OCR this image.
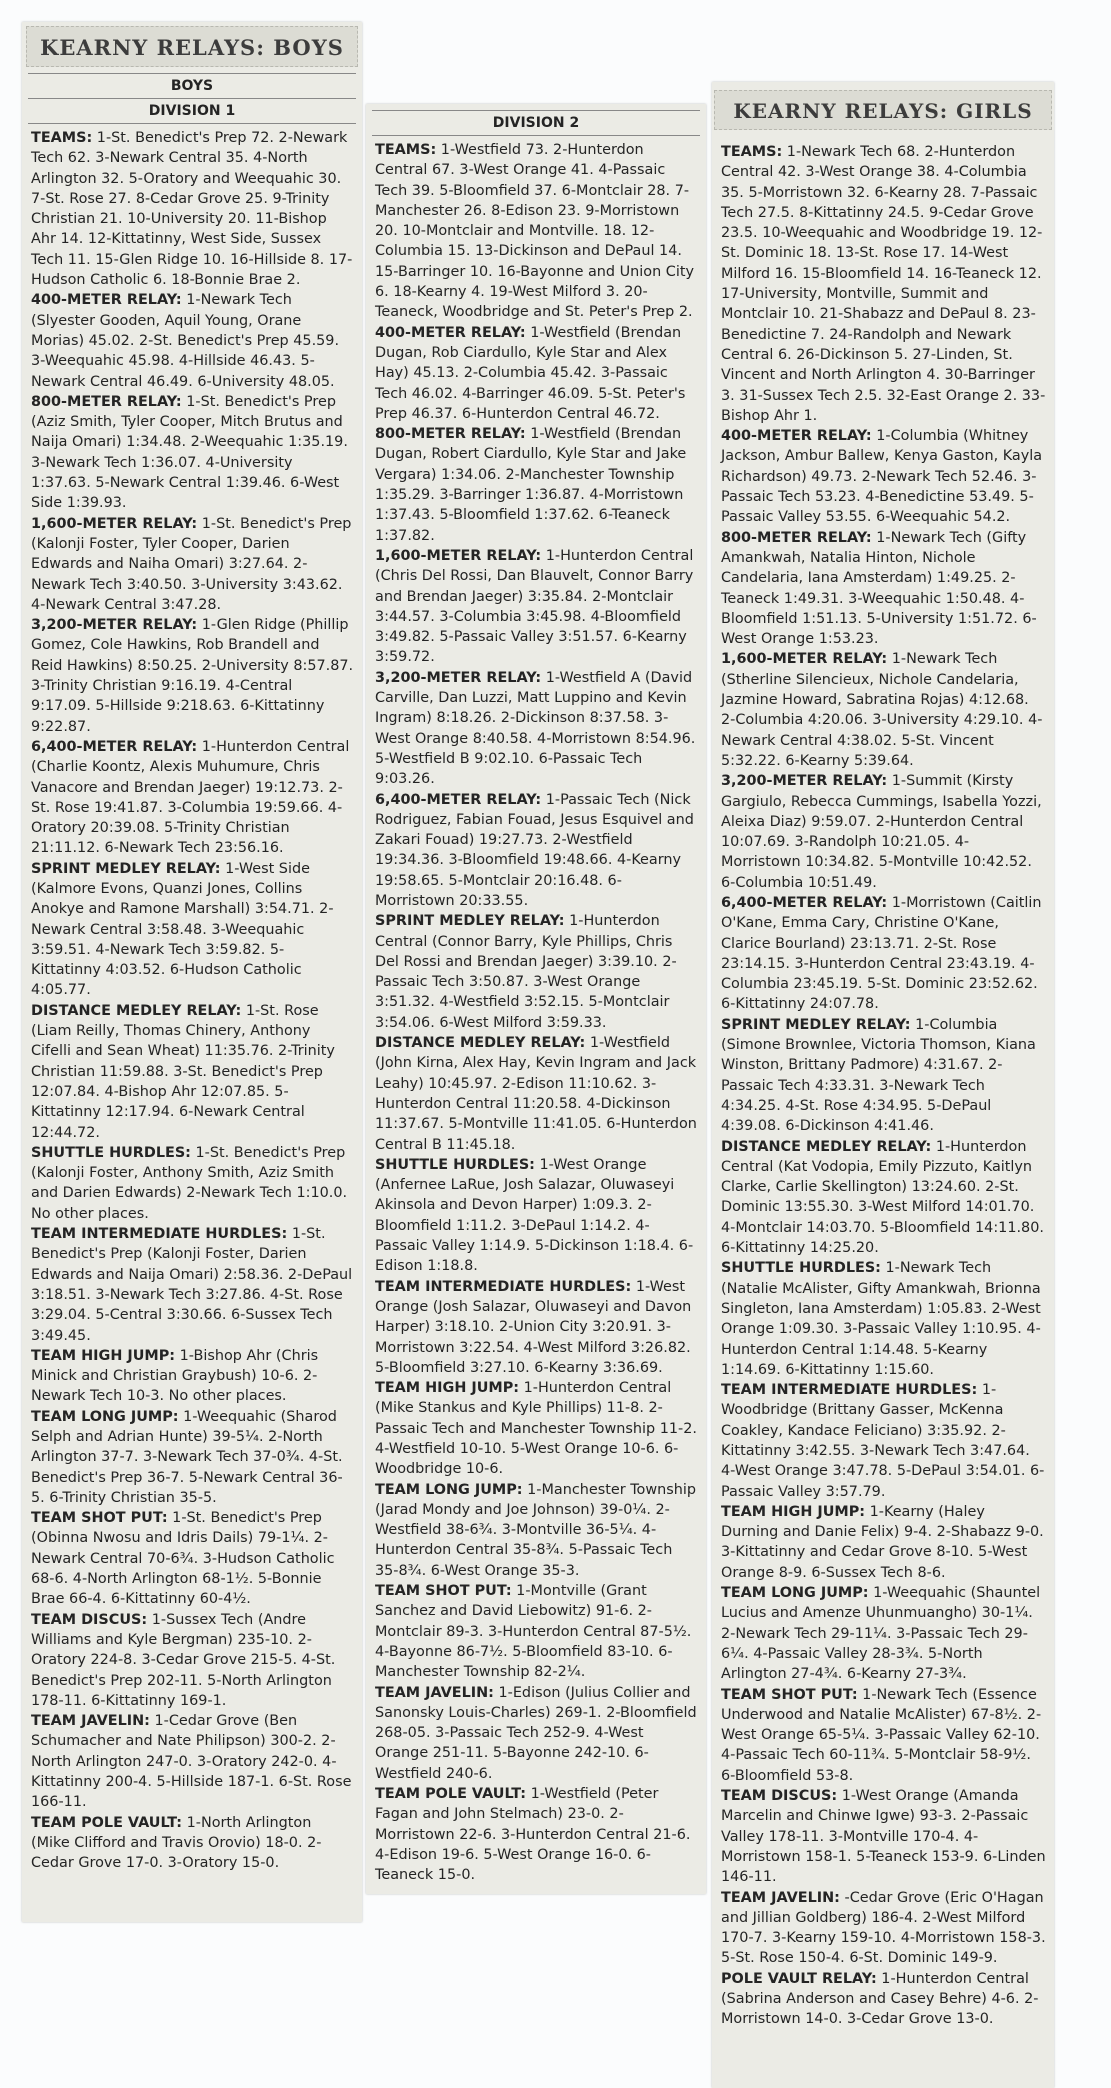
KEARNY RELAYS: BOYS
BOYS
DIVISION 1

TEAMS: 1-St. Benedict's Prep 72. 2-Newark Tech 62. 3-Newark Central 35. 4-North Arlington 32. 5-Oratory and Weequahic 30. 7-St. Rose 27. 8-Cedar Grove 25. 9-Trinity Christian 21. 10-University 20. 11-Bishop Ahr 14. 12-Kittatinny, West Side, Sussex Tech 11. 15-Glen Ridge 10. 16-Hillside 8. 17-Hudson Catholic 6. 18-Bonnie Brae 2.

400-METER RELAY: 1-Newark Tech (Slyester Gooden, Aquil Young, Orane Morias) 45.02. 2-St. Benedict's Prep 45.59. 3-Weequahic 45.98. 4-Hillside 46.43. 5-Newark Central 46.49. 6-University 48.05.

800-METER RELAY: 1-St. Benedict's Prep (Aziz Smith, Tyler Cooper, Mitch Brutus and Naija Omari) 1:34.48. 2-Weequahic 1:35.19. 3-Newark Tech 1:36.07. 4-University 1:37.63. 5-Newark Central 1:39.46. 6-West Side 1:39.93.

1,600-METER RELAY: 1-St. Benedict's Prep (Kalonji Foster, Tyler Cooper, Darien Edwards and Naiha Omari) 3:27.64. 2-Newark Tech 3:40.50. 3-University 3:43.62. 4-Newark Central 3:47.28.

3,200-METER RELAY: 1-Glen Ridge (Phillip Gomez, Cole Hawkins, Rob Brandell and Reid Hawkins) 8:50.25. 2-University 8:57.87. 3-Trinity Christian 9:16.19. 4-Central 9:17.09. 5-Hillside 9:218.63. 6-Kittatinny 9:22.87.

6,400-METER RELAY: 1-Hunterdon Central (Charlie Koontz, Alexis Muhumure, Chris Vanacore and Brendan Jaeger) 19:12.73. 2-St. Rose 19:41.87. 3-Columbia 19:59.66. 4-Oratory 20:39.08. 5-Trinity Christian 21:11.12. 6-Newark Tech 23:56.16.

SPRINT MEDLEY RELAY: 1-West Side (Kalmore Evons, Quanzi Jones, Collins Anokye and Ramone Marshall) 3:54.71. 2-Newark Central 3:58.48. 3-Weequahic 3:59.51. 4-Newark Tech 3:59.82. 5-Kittatinny 4:03.52. 6-Hudson Catholic 4:05.77.

DISTANCE MEDLEY RELAY: 1-St. Rose (Liam Reilly, Thomas Chinery, Anthony Cifelli and Sean Wheat) 11:35.76. 2-Trinity Christian 11:59.88. 3-St. Benedict's Prep 12:07.84. 4-Bishop Ahr 12:07.85. 5-Kittatinny 12:17.94. 6-Newark Central 12:44.72.

SHUTTLE HURDLES: 1-St. Benedict's Prep (Kalonji Foster, Anthony Smith, Aziz Smith and Darien Edwards) 2-Newark Tech 1:10.0. No other places.

TEAM INTERMEDIATE HURDLES: 1-St. Benedict's Prep (Kalonji Foster, Darien Edwards and Naija Omari) 2:58.36. 2-DePaul 3:18.51. 3-Newark Tech 3:27.86. 4-St. Rose 3:29.04. 5-Central 3:30.66. 6-Sussex Tech 3:49.45.

TEAM HIGH JUMP: 1-Bishop Ahr (Chris Minick and Christian Graybush) 10-6. 2-Newark Tech 10-3. No other places.

TEAM LONG JUMP: 1-Weequahic (Sharod Selph and Adrian Hunte) 39-5¼. 2-North Arlington 37-7. 3-Newark Tech 37-0¾. 4-St. Benedict's Prep 36-7. 5-Newark Central 36-5. 6-Trinity Christian 35-5.

TEAM SHOT PUT: 1-St. Benedict's Prep (Obinna Nwosu and Idris Dails) 79-1¼. 2-Newark Central 70-6¾. 3-Hudson Catholic 68-6. 4-North Arlington 68-1½. 5-Bonnie Brae 66-4. 6-Kittatinny 60-4½.

TEAM DISCUS: 1-Sussex Tech (Andre Williams and Kyle Bergman) 235-10. 2-Oratory 224-8. 3-Cedar Grove 215-5. 4-St. Benedict's Prep 202-11. 5-North Arlington 178-11. 6-Kittatinny 169-1.

TEAM JAVELIN: 1-Cedar Grove (Ben Schumacher and Nate Philipson) 300-2. 2-North Arlington 247-0. 3-Oratory 242-0. 4-Kittatinny 200-4. 5-Hillside 187-1. 6-St. Rose 166-11.

TEAM POLE VAULT: 1-North Arlington (Mike Clifford and Travis Orovio) 18-0. 2-Cedar Grove 17-0. 3-Oratory 15-0.

DIVISION 2

TEAMS: 1-Westfield 73. 2-Hunterdon Central 67. 3-West Orange 41. 4-Passaic Tech 39. 5-Bloomfield 37. 6-Montclair 28. 7-Manchester 26. 8-Edison 23. 9-Morristown 20. 10-Montclair and Montville. 18. 12-Columbia 15. 13-Dickinson and DePaul 14. 15-Barringer 10. 16-Bayonne and Union City 6. 18-Kearny 4. 19-West Milford 3. 20-Teaneck, Woodbridge and St. Peter's Prep 2.

400-METER RELAY: 1-Westfield (Brendan Dugan, Rob Ciardullo, Kyle Star and Alex Hay) 45.13. 2-Columbia 45.42. 3-Passaic Tech 46.02. 4-Barringer 46.09. 5-St. Peter's Prep 46.37. 6-Hunterdon Central 46.72.

800-METER RELAY: 1-Westfield (Brendan Dugan, Robert Ciardullo, Kyle Star and Jake Vergara) 1:34.06. 2-Manchester Township 1:35.29. 3-Barringer 1:36.87. 4-Morristown 1:37.43. 5-Bloomfield 1:37.62. 6-Teaneck 1:37.82.

1,600-METER RELAY: 1-Hunterdon Central (Chris Del Rossi, Dan Blauvelt, Connor Barry and Brendan Jaeger) 3:35.84. 2-Montclair 3:44.57. 3-Columbia 3:45.98. 4-Bloomfield 3:49.82. 5-Passaic Valley 3:51.57. 6-Kearny 3:59.72.

3,200-METER RELAY: 1-Westfield A (David Carville, Dan Luzzi, Matt Luppino and Kevin Ingram) 8:18.26. 2-Dickinson 8:37.58. 3-West Orange 8:40.58. 4-Morristown 8:54.96. 5-Westfield B 9:02.10. 6-Passaic Tech 9:03.26.

6,400-METER RELAY: 1-Passaic Tech (Nick Rodriguez, Fabian Fouad, Jesus Esquivel and Zakari Fouad) 19:27.73. 2-Westfield 19:34.36. 3-Bloomfield 19:48.66. 4-Kearny 19:58.65. 5-Montclair 20:16.48. 6-Morristown 20:33.55.

SPRINT MEDLEY RELAY: 1-Hunterdon Central (Connor Barry, Kyle Phillips, Chris Del Rossi and Brendan Jaeger) 3:39.10. 2-Passaic Tech 3:50.87. 3-West Orange 3:51.32. 4-Westfield 3:52.15. 5-Montclair 3:54.06. 6-West Milford 3:59.33.

DISTANCE MEDLEY RELAY: 1-Westfield (John Kirna, Alex Hay, Kevin Ingram and Jack Leahy) 10:45.97. 2-Edison 11:10.62. 3-Hunterdon Central 11:20.58. 4-Dickinson 11:37.67. 5-Montville 11:41.05. 6-Hunterdon Central B 11:45.18.

SHUTTLE HURDLES: 1-West Orange (Anfernee LaRue, Josh Salazar, Oluwaseyi Akinsola and Devon Harper) 1:09.3. 2-Bloomfield 1:11.2. 3-DePaul 1:14.2. 4-Passaic Valley 1:14.9. 5-Dickinson 1:18.4. 6-Edison 1:18.8.

TEAM INTERMEDIATE HURDLES: 1-West Orange (Josh Salazar, Oluwaseyi and Davon Harper) 3:18.10. 2-Union City 3:20.91. 3-Morristown 3:22.54. 4-West Milford 3:26.82. 5-Bloomfield 3:27.10. 6-Kearny 3:36.69.

TEAM HIGH JUMP: 1-Hunterdon Central (Mike Stankus and Kyle Phillips) 11-8. 2-Passaic Tech and Manchester Township 11-2. 4-Westfield 10-10. 5-West Orange 10-6. 6-Woodbridge 10-6.

TEAM LONG JUMP: 1-Manchester Township (Jarad Mondy and Joe Johnson) 39-0¼. 2-Westfield 38-6¾. 3-Montville 36-5¼. 4-Hunterdon Central 35-8¾. 5-Passaic Tech 35-8¾. 6-West Orange 35-3.

TEAM SHOT PUT: 1-Montville (Grant Sanchez and David Liebowitz) 91-6. 2-Montclair 89-3. 3-Hunterdon Central 87-5½. 4-Bayonne 86-7½. 5-Bloomfield 83-10. 6-Manchester Township 82-2¼.

TEAM JAVELIN: 1-Edison (Julius Collier and Sanonsky Louis-Charles) 269-1. 2-Bloomfield 268-05. 3-Passaic Tech 252-9. 4-West Orange 251-11. 5-Bayonne 242-10. 6-Westfield 240-6.

TEAM POLE VAULT: 1-Westfield (Peter Fagan and John Stelmach) 23-0. 2-Morristown 22-6. 3-Hunterdon Central 21-6. 4-Edison 19-6. 5-West Orange 16-0. 6-Teaneck 15-0.

KEARNY RELAYS: GIRLS

TEAMS: 1-Newark Tech 68. 2-Hunterdon Central 42. 3-West Orange 38. 4-Columbia 35. 5-Morristown 32. 6-Kearny 28. 7-Passaic Tech 27.5. 8-Kittatinny 24.5. 9-Cedar Grove 23.5. 10-Weequahic and Woodbridge 19. 12-St. Dominic 18. 13-St. Rose 17. 14-West Milford 16. 15-Bloomfield 14. 16-Teaneck 12. 17-University, Montville, Summit and Montclair 10. 21-Shabazz and DePaul 8. 23-Benedictine 7. 24-Randolph and Newark Central 6. 26-Dickinson 5. 27-Linden, St. Vincent and North Arlington 4. 30-Barringer 3. 31-Sussex Tech 2.5. 32-East Orange 2. 33-Bishop Ahr 1.

400-METER RELAY: 1-Columbia (Whitney Jackson, Ambur Ballew, Kenya Gaston, Kayla Richardson) 49.73. 2-Newark Tech 52.46. 3-Passaic Tech 53.23. 4-Benedictine 53.49. 5-Passaic Valley 53.55. 6-Weequahic 54.2.

800-METER RELAY: 1-Newark Tech (Gifty Amankwah, Natalia Hinton, Nichole Candelaria, Iana Amsterdam) 1:49.25. 2-Teaneck 1:49.31. 3-Weequahic 1:50.48. 4-Bloomfield 1:51.13. 5-University 1:51.72. 6-West Orange 1:53.23.

1,600-METER RELAY: 1-Newark Tech (Stherline Silencieux, Nichole Candelaria, Jazmine Howard, Sabratina Rojas) 4:12.68. 2-Columbia 4:20.06. 3-University 4:29.10. 4-Newark Central 4:38.02. 5-St. Vincent 5:32.22. 6-Kearny 5:39.64.

3,200-METER RELAY: 1-Summit (Kirsty Gargiulo, Rebecca Cummings, Isabella Yozzi, Aleixa Diaz) 9:59.07. 2-Hunterdon Central 10:07.69. 3-Randolph 10:21.05. 4-Morristown 10:34.82. 5-Montville 10:42.52. 6-Columbia 10:51.49.

6,400-METER RELAY: 1-Morristown (Caitlin O'Kane, Emma Cary, Christine O'Kane, Clarice Bourland) 23:13.71. 2-St. Rose 23:14.15. 3-Hunterdon Central 23:43.19. 4-Columbia 23:45.19. 5-St. Dominic 23:52.62. 6-Kittatinny 24:07.78.

SPRINT MEDLEY RELAY: 1-Columbia (Simone Brownlee, Victoria Thomson, Kiana Winston, Brittany Padmore) 4:31.67. 2-Passaic Tech 4:33.31. 3-Newark Tech 4:34.25. 4-St. Rose 4:34.95. 5-DePaul 4:39.08. 6-Dickinson 4:41.46.

DISTANCE MEDLEY RELAY: 1-Hunterdon Central (Kat Vodopia, Emily Pizzuto, Kaitlyn Clarke, Carlie Skellington) 13:24.60. 2-St. Dominic 13:55.30. 3-West Milford 14:01.70. 4-Montclair 14:03.70. 5-Bloomfield 14:11.80. 6-Kittatinny 14:25.20.

SHUTTLE HURDLES: 1-Newark Tech (Natalie McAlister, Gifty Amankwah, Brionna Singleton, Iana Amsterdam) 1:05.83. 2-West Orange 1:09.30. 3-Passaic Valley 1:10.95. 4-Hunterdon Central 1:14.48. 5-Kearny 1:14.69. 6-Kittatinny 1:15.60.

TEAM INTERMEDIATE HURDLES: 1-Woodbridge (Brittany Gasser, McKenna Coakley, Kandace Feliciano) 3:35.92. 2-Kittatinny 3:42.55. 3-Newark Tech 3:47.64. 4-West Orange 3:47.78. 5-DePaul 3:54.01. 6-Passaic Valley 3:57.79.

TEAM HIGH JUMP: 1-Kearny (Haley Durning and Danie Felix) 9-4. 2-Shabazz 9-0. 3-Kittatinny and Cedar Grove 8-10. 5-West Orange 8-9. 6-Sussex Tech 8-6.

TEAM LONG JUMP: 1-Weequahic (Shauntel Lucius and Amenze Uhunmuangho) 30-1¼. 2-Newark Tech 29-11¼. 3-Passaic Tech 29-6¼. 4-Passaic Valley 28-3¾. 5-North Arlington 27-4¾. 6-Kearny 27-3¾.

TEAM SHOT PUT: 1-Newark Tech (Essence Underwood and Natalie McAlister) 67-8½. 2-West Orange 65-5¼. 3-Passaic Valley 62-10. 4-Passaic Tech 60-11¾. 5-Montclair 58-9½. 6-Bloomfield 53-8.

TEAM DISCUS: 1-West Orange (Amanda Marcelin and Chinwe Igwe) 93-3. 2-Passaic Valley 178-11. 3-Montville 170-4. 4-Morristown 158-1. 5-Teaneck 153-9. 6-Linden 146-11.

TEAM JAVELIN: -Cedar Grove (Eric O'Hagan and Jillian Goldberg) 186-4. 2-West Milford 170-7. 3-Kearny 159-10. 4-Morristown 158-3. 5-St. Rose 150-4. 6-St. Dominic 149-9.

POLE VAULT RELAY: 1-Hunterdon Central (Sabrina Anderson and Casey Behre) 4-6. 2-Morristown 14-0. 3-Cedar Grove 13-0.
